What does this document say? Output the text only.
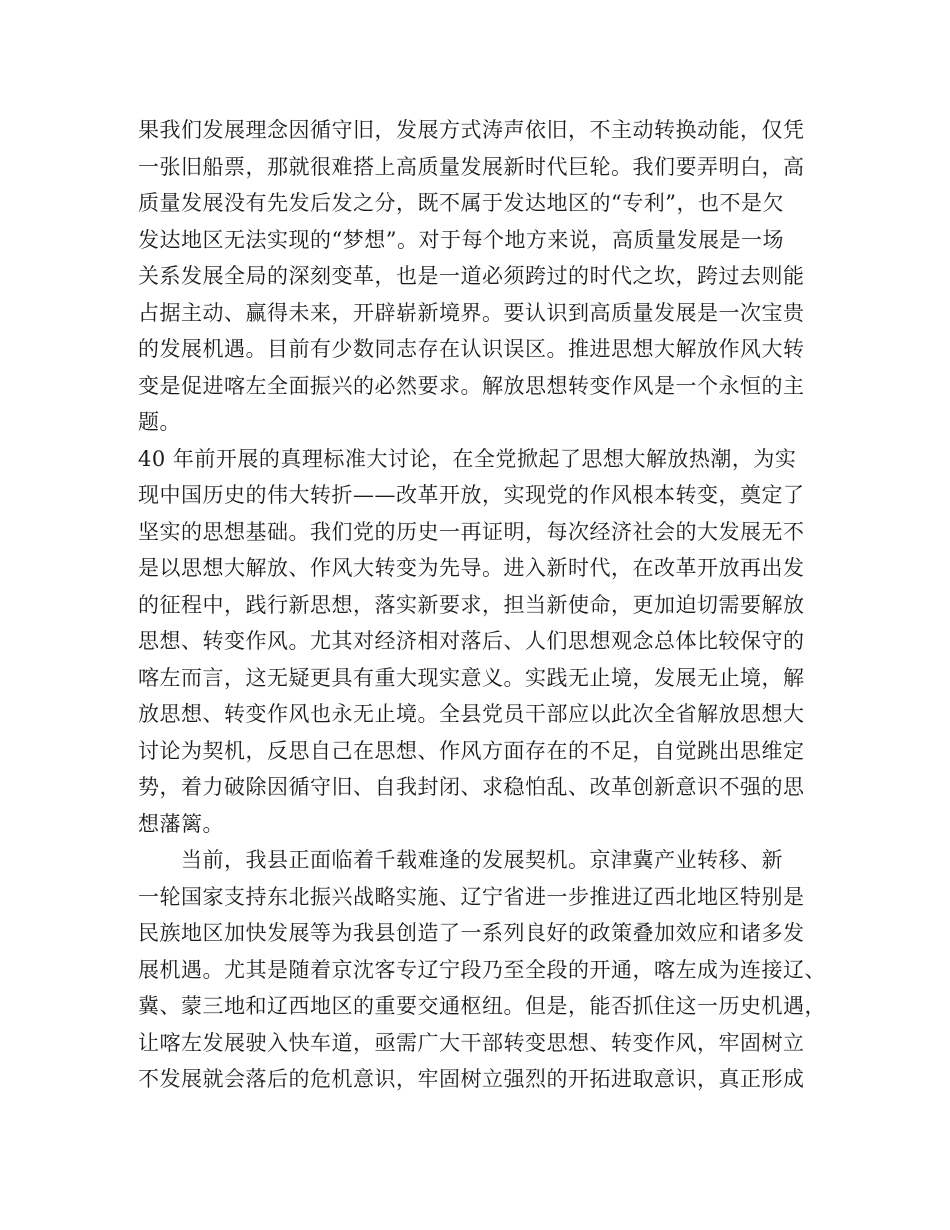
果我们发展理念因循守旧，发展方式涛声依旧，不主动转换动能，仅凭
一张旧船票，那就很难搭上高质量发展新时代巨轮。我们要弄明白，高
质量发展没有先发后发之分，既不属于发达地区的“专利”，也不是欠
发达地区无法实现的“梦想”。对于每个地方来说，高质量发展是一场
关系发展全局的深刻变革，也是一道必须跨过的时代之坎，跨过去则能
占据主动、赢得未来，开辟崭新境界。要认识到高质量发展是一次宝贵
的发展机遇。目前有少数同志存在认识误区。推进思想大解放作风大转
变是促进喀左全面振兴的必然要求。解放思想转变作风是一个永恒的主
题。
40 年前开展的真理标准大讨论，在全党掀起了思想大解放热潮，为实
现中国历史的伟大转折——改革开放，实现党的作风根本转变，奠定了
坚实的思想基础。我们党的历史一再证明，每次经济社会的大发展无不
是以思想大解放、作风大转变为先导。进入新时代，在改革开放再出发
的征程中，践行新思想，落实新要求，担当新使命，更加迫切需要解放
思想、转变作风。尤其对经济相对落后、人们思想观念总体比较保守的
喀左而言，这无疑更具有重大现实意义。实践无止境，发展无止境，解
放思想、转变作风也永无止境。全县党员干部应以此次全省解放思想大
讨论为契机，反思自己在思想、作风方面存在的不足，自觉跳出思维定
势，着力破除因循守旧、自我封闭、求稳怕乱、改革创新意识不强的思
想藩篱。
　　当前，我县正面临着千载难逢的发展契机。京津冀产业转移、新
一轮国家支持东北振兴战略实施、辽宁省进一步推进辽西北地区特别是
民族地区加快发展等为我县创造了一系列良好的政策叠加效应和诸多发
展机遇。尤其是随着京沈客专辽宁段乃至全段的开通，喀左成为连接辽、
冀、蒙三地和辽西地区的重要交通枢纽。但是，能否抓住这一历史机遇，
让喀左发展驶入快车道，亟需广大干部转变思想、转变作风，牢固树立
不发展就会落后的危机意识，牢固树立强烈的开拓进取意识，真正形成
